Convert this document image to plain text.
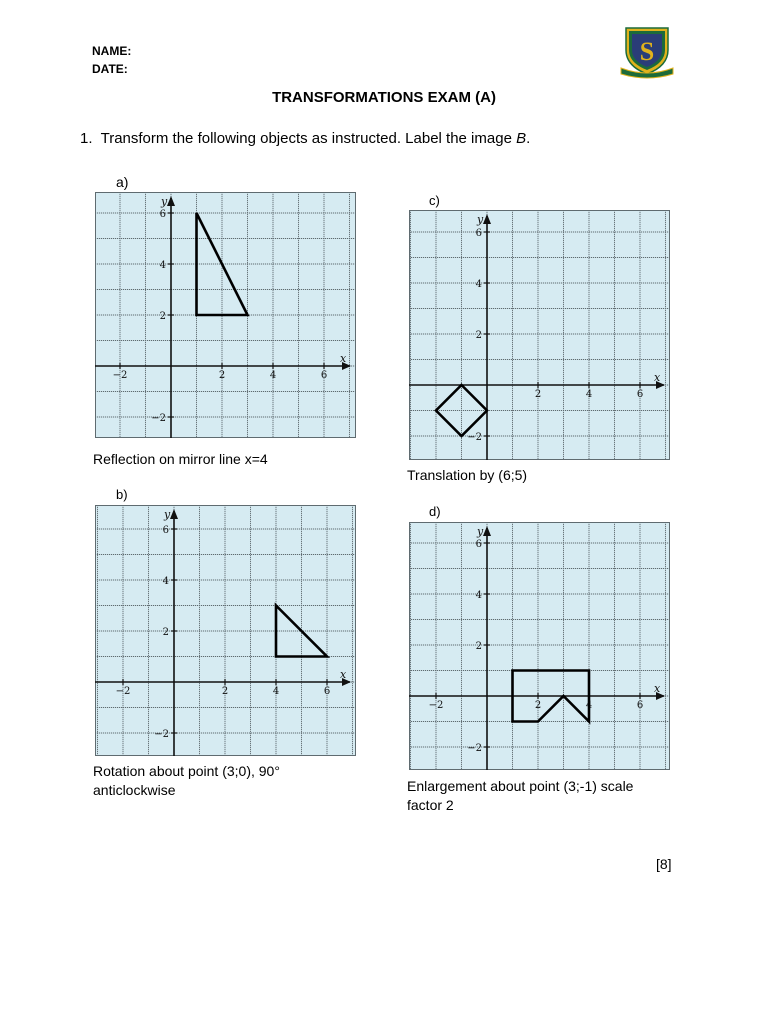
NAME:
DATE:
S
TRANSFORMATIONS EXAM (A)
1. Transform the following objects as instructed. Label the image B.
a)
b)
c)
d)
x
y
−2	2	4	6
6
4
2
−2
x
y
−2	2	4	6
6
4
2
−2
x
y
2	4	6
6
4
2
−2
x
y
−2	2	4	6
6
4
2
−2
Reflection on mirror line x=4
Rotation about point (3;0), 90° anticlockwise
Translation by (6;5)
Enlargement about point (3;-1) scale factor 2
[8]
